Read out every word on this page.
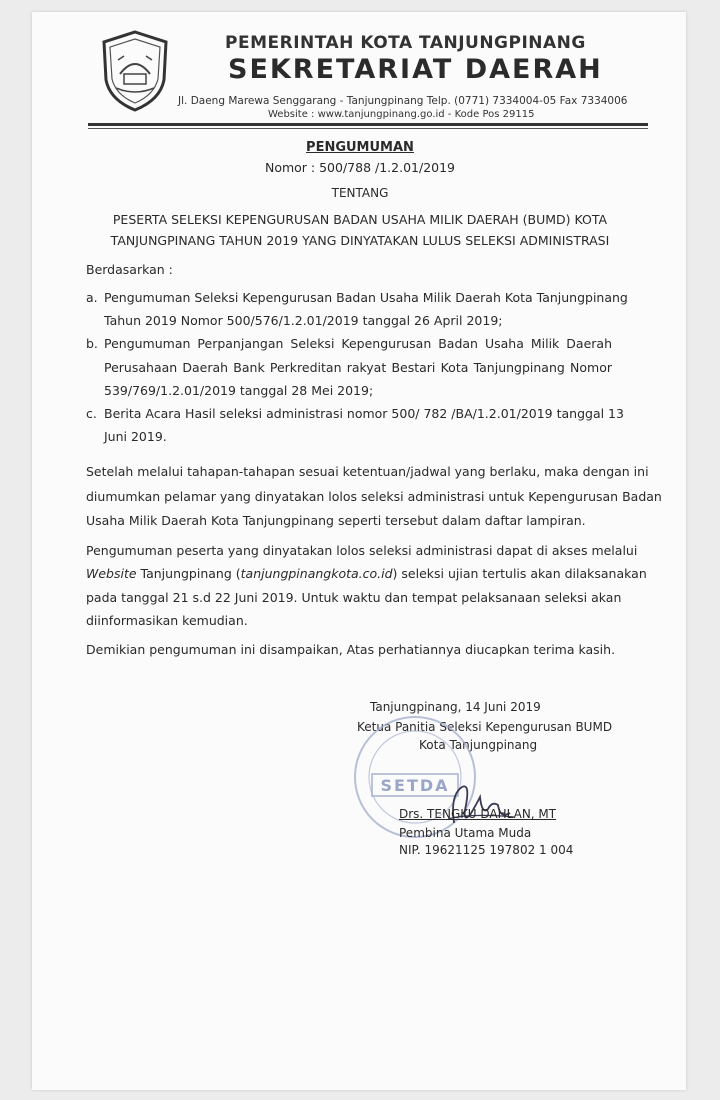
PEMERINTAH KOTA TANJUNGPINANG
SEKRETARIAT DAERAH
Jl. Daeng Marewa Senggarang - Tanjungpinang Telp. (0771) 7334004-05 Fax 7334006
Website : www.tanjungpinang.go.id - Kode Pos 29115
PENGUMUMAN
Nomor : 500/788 /1.2.01/2019
TENTANG
PESERTA SELEKSI KEPENGURUSAN BADAN USAHA MILIK DAERAH (BUMD) KOTA
TANJUNGPINANG TAHUN 2019 YANG DINYATAKAN LULUS SELEKSI ADMINISTRASI
Berdasarkan :
a. Pengumuman Seleksi Kepengurusan Badan Usaha Milik Daerah Kota Tanjungpinang
Tahun 2019 Nomor 500/576/1.2.01/2019 tanggal 26 April 2019;
b. Pengumuman Perpanjangan Seleksi Kepengurusan Badan Usaha Milik Daerah
Perusahaan Daerah Bank Perkreditan rakyat Bestari Kota Tanjungpinang Nomor
539/769/1.2.01/2019 tanggal 28 Mei 2019;
c. Berita Acara Hasil seleksi administrasi nomor 500/ 782 /BA/1.2.01/2019 tanggal 13
Juni 2019.
Setelah melalui tahapan-tahapan sesuai ketentuan/jadwal yang berlaku, maka dengan ini
diumumkan pelamar yang dinyatakan lolos seleksi administrasi untuk Kepengurusan Badan
Usaha Milik Daerah Kota Tanjungpinang seperti tersebut dalam daftar lampiran.
Pengumuman peserta yang dinyatakan lolos seleksi administrasi dapat di akses melalui
Website Tanjungpinang (tanjungpinangkota.co.id) seleksi ujian tertulis akan dilaksanakan
pada tanggal 21 s.d 22 Juni 2019. Untuk waktu dan tempat pelaksanaan seleksi akan
diinformasikan kemudian.
Demikian pengumuman ini disampaikan, Atas perhatiannya diucapkan terima kasih.
Tanjungpinang, 14 Juni 2019
Ketua Panitia Seleksi Kepengurusan BUMD
Kota Tanjungpinang
SETDA
Drs. TENGKU DAHLAN, MT
Pembina Utama Muda
NIP. 19621125 197802 1 004
